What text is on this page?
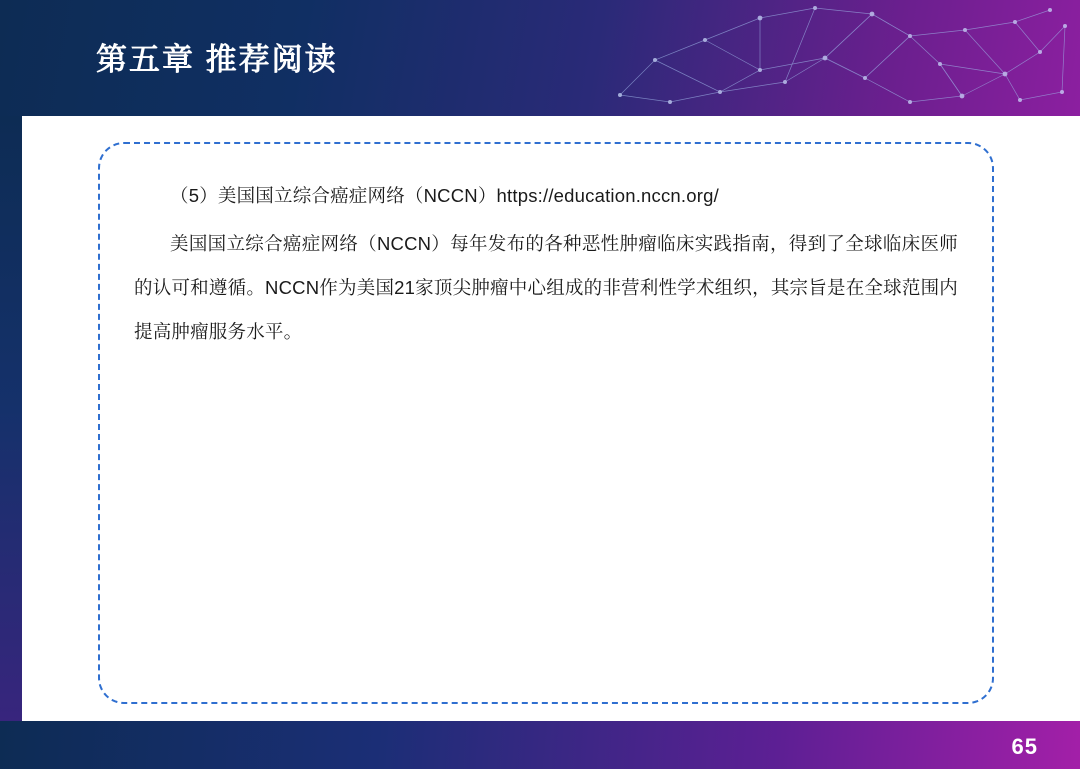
第五章 推荐阅读

（5）美国国立综合癌症网络（NCCN）https://education.nccn.org/

美国国立综合癌症网络（NCCN）每年发布的各种恶性肿瘤临床实践指南，得到了全球临床医师的认可和遵循。NCCN作为美国21家顶尖肿瘤中心组成的非营利性学术组织，其宗旨是在全球范围内提高肿瘤服务水平。

65
